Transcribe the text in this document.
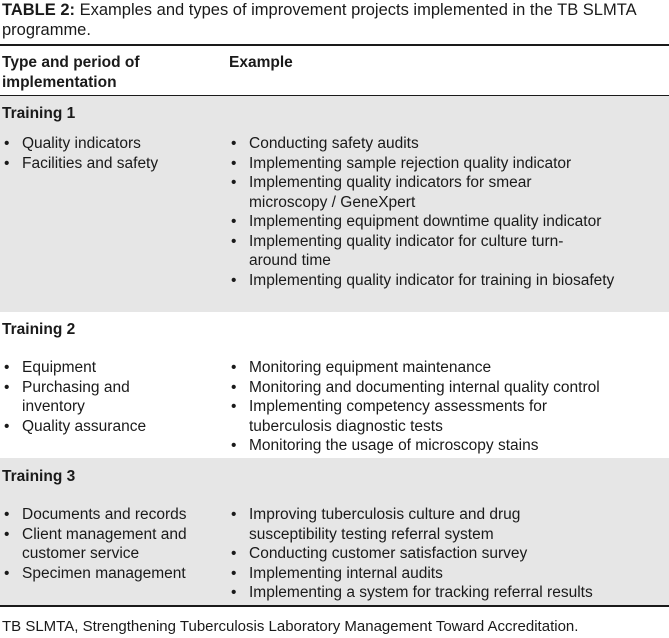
TABLE 2: Examples and types of improvement projects implemented in the TB SLMTA programme.
Type and period of implementation
Example
Training 1
• Quality indicators
• Facilities and safety
• Conducting safety audits
• Implementing sample rejection quality indicator
• Implementing quality indicators for smear microscopy / GeneXpert
• Implementing equipment downtime quality indicator
• Implementing quality indicator for culture turn-around time
• Implementing quality indicator for training in biosafety
Training 2
• Equipment
• Purchasing and inventory
• Quality assurance
• Monitoring equipment maintenance
• Monitoring and documenting internal quality control
• Implementing competency assessments for tuberculosis diagnostic tests
• Monitoring the usage of microscopy stains
Training 3
• Documents and records
• Client management and customer service
• Specimen management
• Improving tuberculosis culture and drug susceptibility testing referral system
• Conducting customer satisfaction survey
• Implementing internal audits
• Implementing a system for tracking referral results
TB SLMTA, Strengthening Tuberculosis Laboratory Management Toward Accreditation.
